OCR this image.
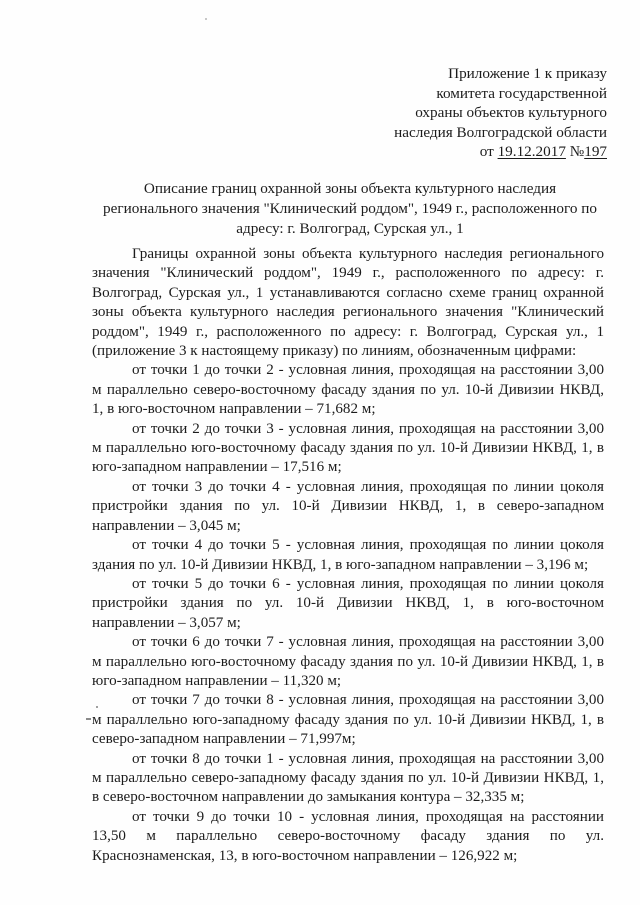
Приложение 1 к приказу
комитета государственной
охраны объектов культурного
наследия Волгоградской области
от 19.12.2017 №197
Описание границ охранной зоны объекта культурного наследия
регионального значения "Клинический роддом", 1949 г., расположенного по
адресу: г. Волгоград, Сурская ул., 1

Границы охранной зоны объекта культурного наследия регионального значения "Клинический роддом", 1949 г., расположенного по адресу: г. Волгоград, Сурская ул., 1 устанавливаются согласно схеме границ охранной зоны объекта культурного наследия регионального значения "Клинический роддом", 1949 г., расположенного по адресу: г. Волгоград, Сурская ул., 1 (приложение 3 к настоящему приказу) по линиям, обозначенным цифрами:

от точки 1 до точки 2 - условная линия, проходящая на расстоянии 3,00 м параллельно северо-восточному фасаду здания по ул. 10-й Дивизии НКВД, 1, в юго-восточном направлении – 71,682 м;

от точки 2 до точки 3 - условная линия, проходящая на расстоянии 3,00 м параллельно юго-восточному фасаду здания по ул. 10-й Дивизии НКВД, 1, в юго-западном направлении – 17,516 м;

от точки 3 до точки 4 - условная линия, проходящая по линии цоколя пристройки здания по ул. 10-й Дивизии НКВД, 1, в северо-западном направлении – 3,045 м;

от точки 4 до точки 5 - условная линия, проходящая по линии цоколя здания по ул. 10-й Дивизии НКВД, 1, в юго-западном направлении – 3,196 м;

от точки 5 до точки 6 - условная линия, проходящая по линии цоколя пристройки здания по ул. 10-й Дивизии НКВД, 1, в юго-восточном направлении – 3,057 м;

от точки 6 до точки 7 - условная линия, проходящая на расстоянии 3,00 м параллельно юго-восточному фасаду здания по ул. 10-й Дивизии НКВД, 1, в юго-западном направлении – 11,320 м;

от точки 7 до точки 8 - условная линия, проходящая на расстоянии 3,00 м параллельно юго-западному фасаду здания по ул. 10-й Дивизии НКВД, 1, в северо-западном направлении – 71,997м;

от точки 8 до точки 1 - условная линия, проходящая на расстоянии 3,00 м параллельно северо-западному фасаду здания по ул. 10-й Дивизии НКВД, 1, в северо-восточном направлении до замыкания контура – 32,335 м;

от точки 9 до точки 10 - условная линия, проходящая на расстоянии 13,50 м параллельно северо-восточному фасаду здания по ул. Краснознаменская, 13, в юго-восточном направлении – 126,922 м;
